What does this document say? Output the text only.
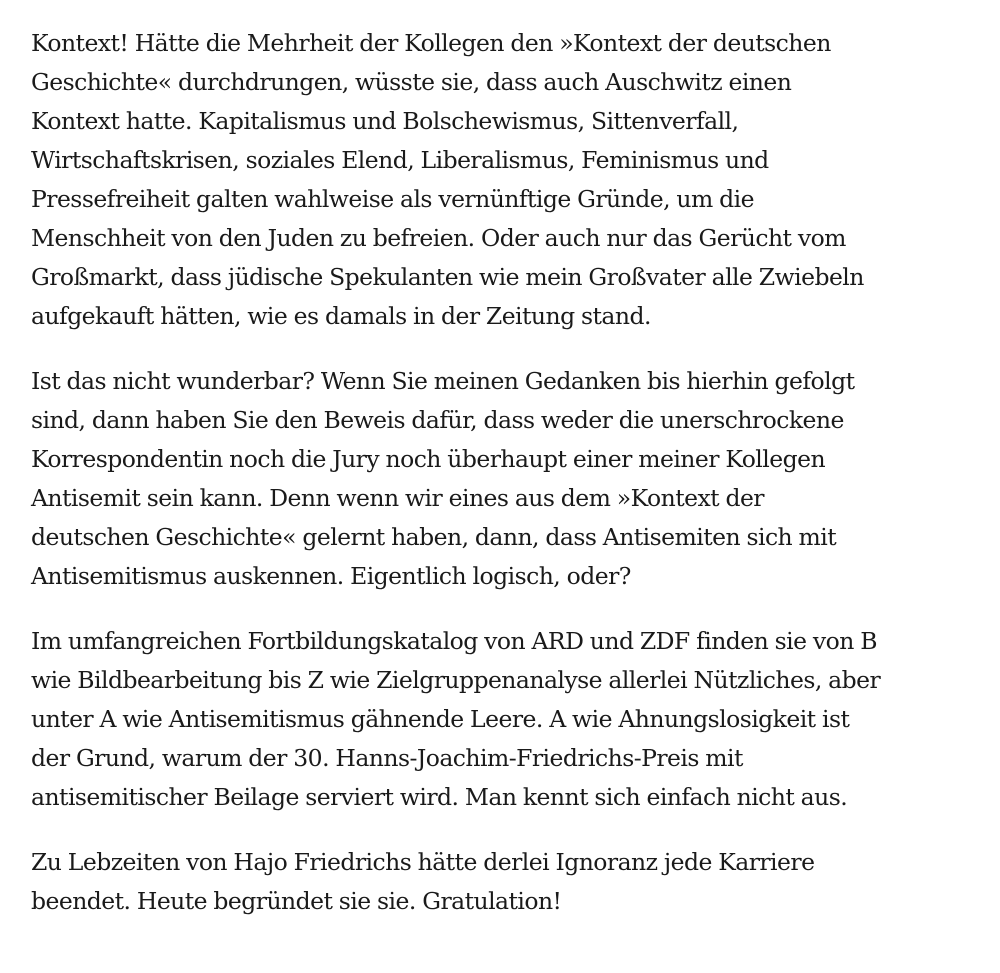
Kontext! Hätte die Mehrheit der Kollegen den »Kontext der deutschen
Geschichte« durchdrungen, wüsste sie, dass auch Auschwitz einen
Kontext hatte. Kapitalismus und Bolschewismus, Sittenverfall,
Wirtschaftskrisen, soziales Elend, Liberalismus, Feminismus und
Pressefreiheit galten wahlweise als vernünftige Gründe, um die
Menschheit von den Juden zu befreien. Oder auch nur das Gerücht vom
Großmarkt, dass jüdische Spekulanten wie mein Großvater alle Zwiebeln
aufgekauft hätten, wie es damals in der Zeitung stand.

Ist das nicht wunderbar? Wenn Sie meinen Gedanken bis hierhin gefolgt
sind, dann haben Sie den Beweis dafür, dass weder die unerschrockene
Korrespondentin noch die Jury noch überhaupt einer meiner Kollegen
Antisemit sein kann. Denn wenn wir eines aus dem »Kontext der
deutschen Geschichte« gelernt haben, dann, dass Antisemiten sich mit
Antisemitismus auskennen. Eigentlich logisch, oder?

Im umfangreichen Fortbildungskatalog von ARD und ZDF finden sie von B
wie Bildbearbeitung bis Z wie Zielgruppenanalyse allerlei Nützliches, aber
unter A wie Antisemitismus gähnende Leere. A wie Ahnungslosigkeit ist
der Grund, warum der 30. Hanns-Joachim-Friedrichs-Preis mit
antisemitischer Beilage serviert wird. Man kennt sich einfach nicht aus.

Zu Lebzeiten von Hajo Friedrichs hätte derlei Ignoranz jede Karriere
beendet. Heute begründet sie sie. Gratulation!
